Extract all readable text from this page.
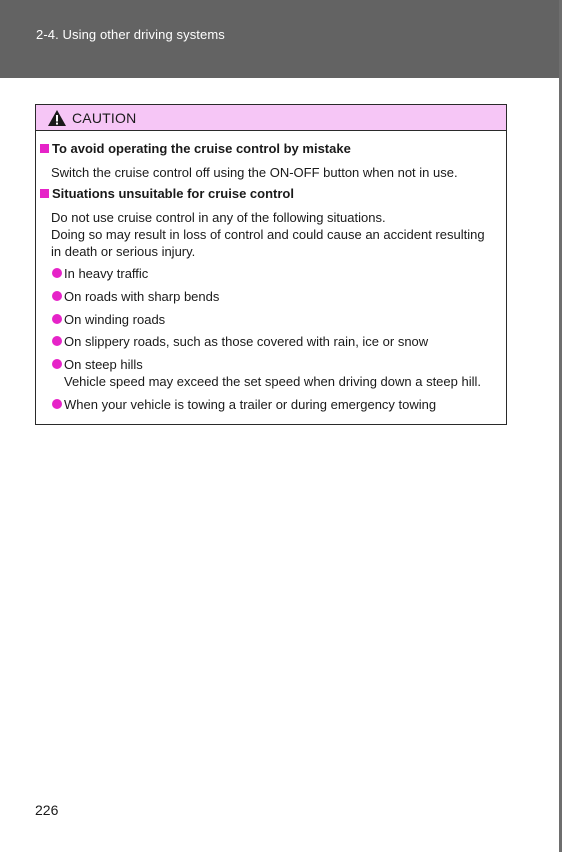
2-4. Using other driving systems
CAUTION
To avoid operating the cruise control by mistake
Switch the cruise control off using the ON-OFF button when not in use.
Situations unsuitable for cruise control
Do not use cruise control in any of the following situations.
Doing so may result in loss of control and could cause an accident resulting
in death or serious injury.
In heavy traffic
On roads with sharp bends
On winding roads
On slippery roads, such as those covered with rain, ice or snow
On steep hills
Vehicle speed may exceed the set speed when driving down a steep hill.
When your vehicle is towing a trailer or during emergency towing
226
